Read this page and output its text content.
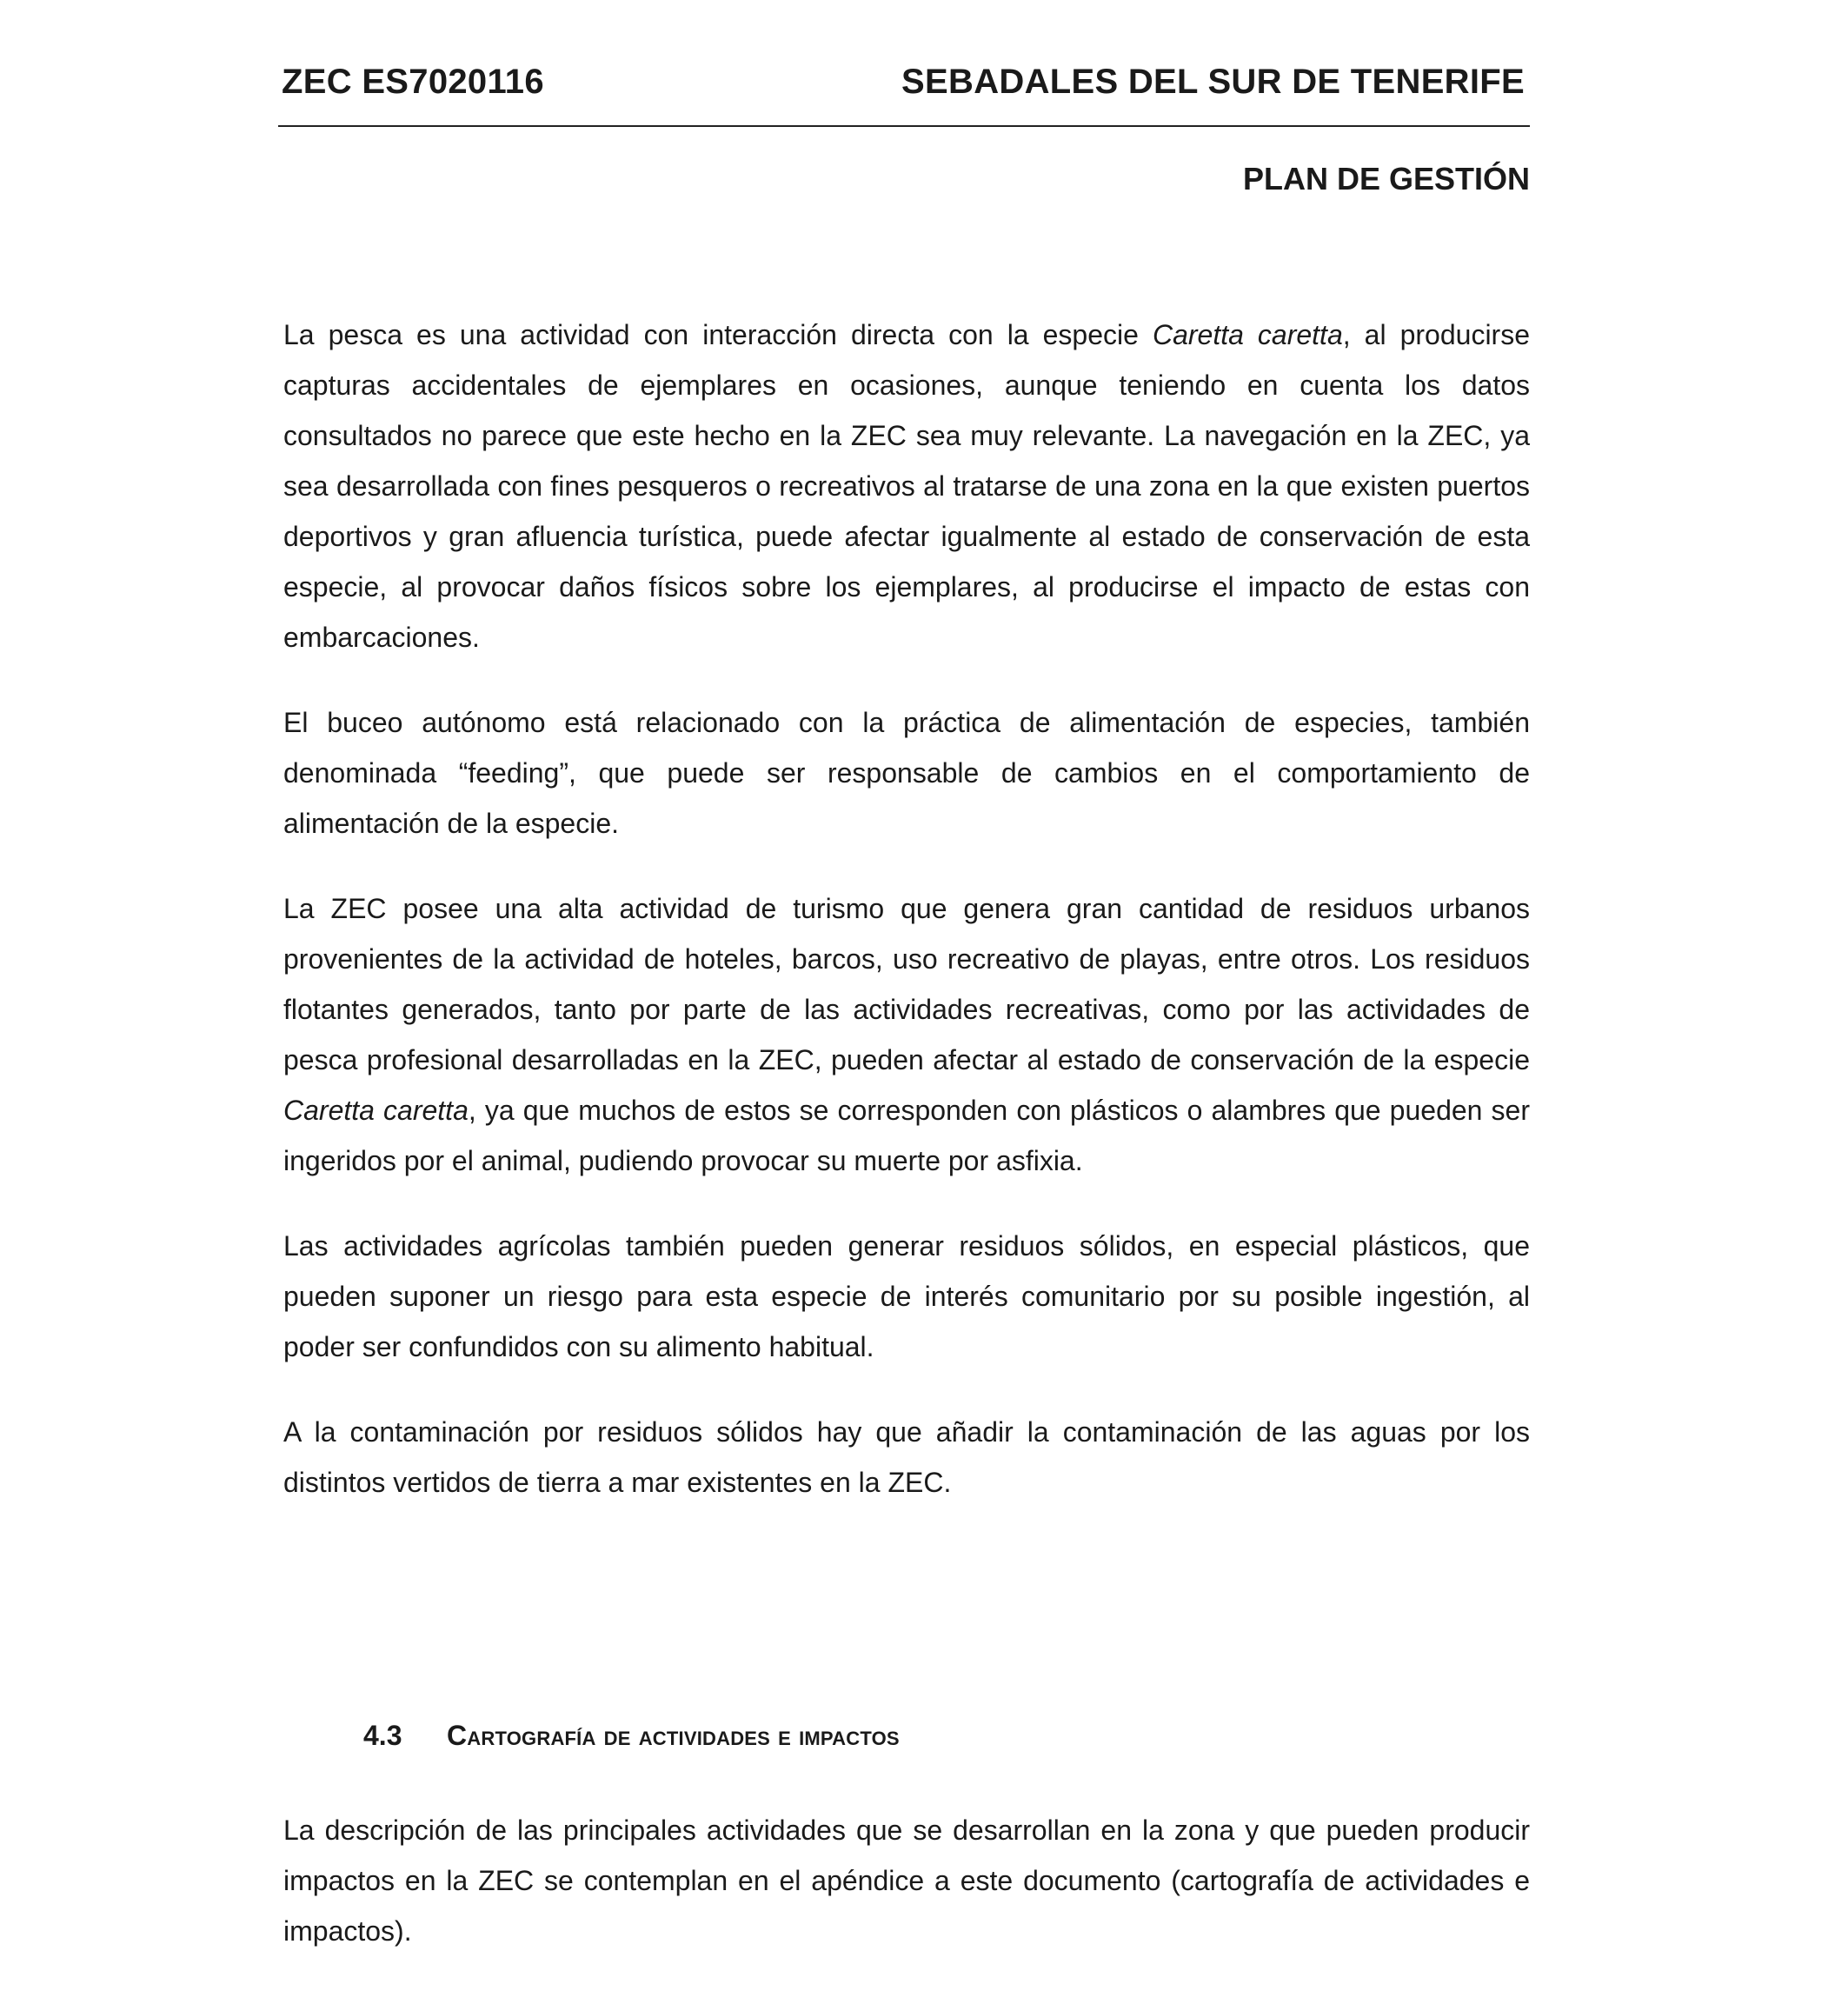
ZEC ES7020116	SEBADALES DEL SUR DE TENERIFE
PLAN DE GESTIÓN

La pesca es una actividad con interacción directa con la especie Caretta caretta, al producirse capturas accidentales de ejemplares en ocasiones, aunque teniendo en cuenta los datos consultados no parece que este hecho en la ZEC sea muy relevante. La navegación en la ZEC, ya sea desarrollada con fines pesqueros o recreativos al tratarse de una zona en la que existen puertos deportivos y gran afluencia turística, puede afectar igualmente al estado de conservación de esta especie, al provocar daños físicos sobre los ejemplares, al producirse el impacto de estas con embarcaciones.

El buceo autónomo está relacionado con la práctica de alimentación de especies, también denominada “feeding”, que puede ser responsable de cambios en el comportamiento de alimentación de la especie.

La ZEC posee una alta actividad de turismo que genera gran cantidad de residuos urbanos provenientes de la actividad de hoteles, barcos, uso recreativo de playas, entre otros. Los residuos flotantes generados, tanto por parte de las actividades recreativas, como por las actividades de pesca profesional desarrolladas en la ZEC, pueden afectar al estado de conservación de la especie Caretta caretta, ya que muchos de estos se corresponden con plásticos o alambres que pueden ser ingeridos por el animal, pudiendo provocar su muerte por asfixia.

Las actividades agrícolas también pueden generar residuos sólidos, en especial plásticos, que pueden suponer un riesgo para esta especie de interés comunitario por su posible ingestión, al poder ser confundidos con su alimento habitual.

A la contaminación por residuos sólidos hay que añadir la contaminación de las aguas por los distintos vertidos de tierra a mar existentes en la ZEC.

4.3 Cartografía de actividades e impactos

La descripción de las principales actividades que se desarrollan en la zona y que pueden producir impactos en la ZEC se contemplan en el apéndice a este documento (cartografía de actividades e impactos).
